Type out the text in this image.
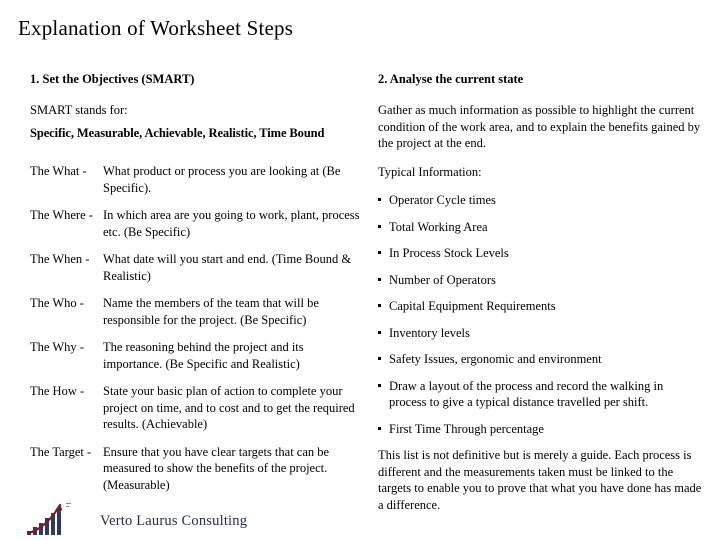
Explanation of Worksheet Steps
1. Set the Objectives (SMART)
SMART stands for:
Specific, Measurable, Achievable, Realistic, Time Bound
The What -	What product or process you are looking at (Be Specific).
The Where - In which area are you going to work, plant, process etc. (Be Specific)
The When -	What date will you start and end. (Time Bound & Realistic)
The Who -	Name the members of the team that will be responsible for the project. (Be Specific)
The Why -	The reasoning behind the project and its importance. (Be Specific and Realistic)
The How -	State your basic plan of action to complete your project on time, and to cost and to get the required results. (Achievable)
The Target - Ensure that you have clear targets that can be measured to show the benefits of the project. (Measurable)
2. Analyse the current state
Gather as much information as possible to highlight the current condition of the work area, and to explain the benefits gained by the project at the end.
Typical Information:
Operator Cycle times
Total Working Area
In Process Stock Levels
Number of Operators
Capital Equipment Requirements
Inventory levels
Safety Issues, ergonomic and environment
Draw a layout of the process and record the walking in process to give a typical distance travelled per shift.
First Time Through percentage
This list is not definitive but is merely a guide. Each process is different and the measurements taken must be linked to the targets to enable you to prove that what you have done has made a difference.
Verto Laurus Consulting
